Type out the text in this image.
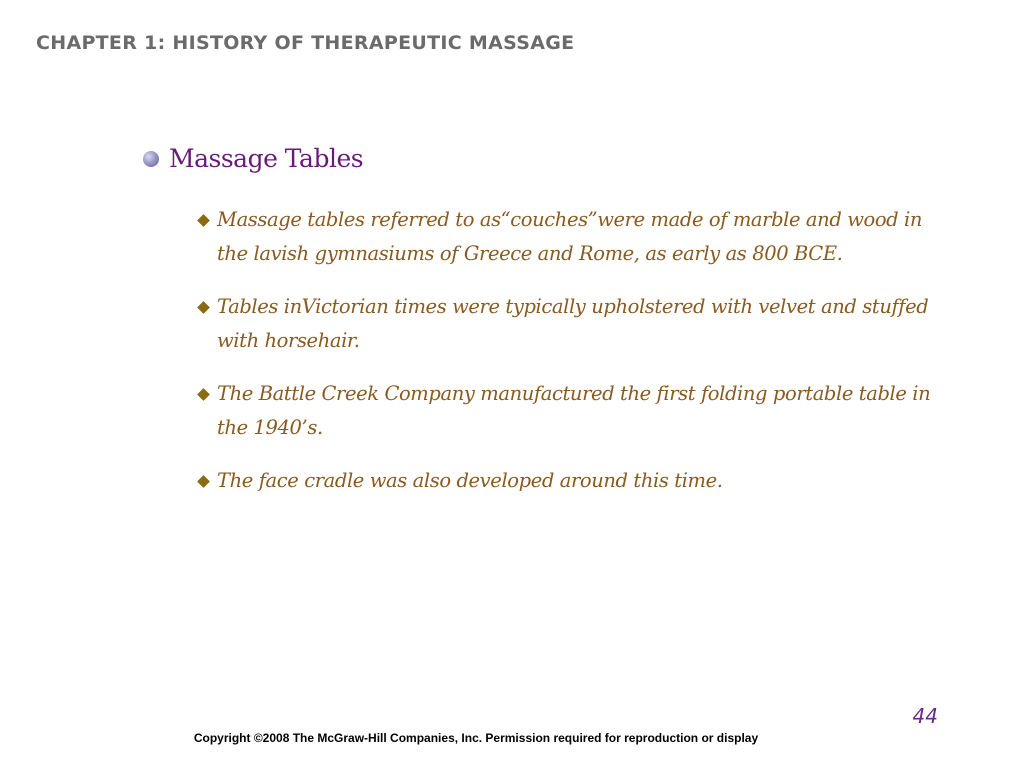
CHAPTER 1: HISTORY OF THERAPEUTIC MASSAGE
Massage Tables
Massage tables referred to as“couches”were made of marble and wood in the lavish gymnasiums of Greece and Rome, as early as 800 BCE.
Tables inVictorian times were typically upholstered with velvet and stuffed with horsehair.
The Battle Creek Company manufactured the first folding portable table in the 1940’s.
The face cradle was also developed around this time.
44
Copyright ©2008 The McGraw-Hill Companies, Inc. Permission required for reproduction or display
